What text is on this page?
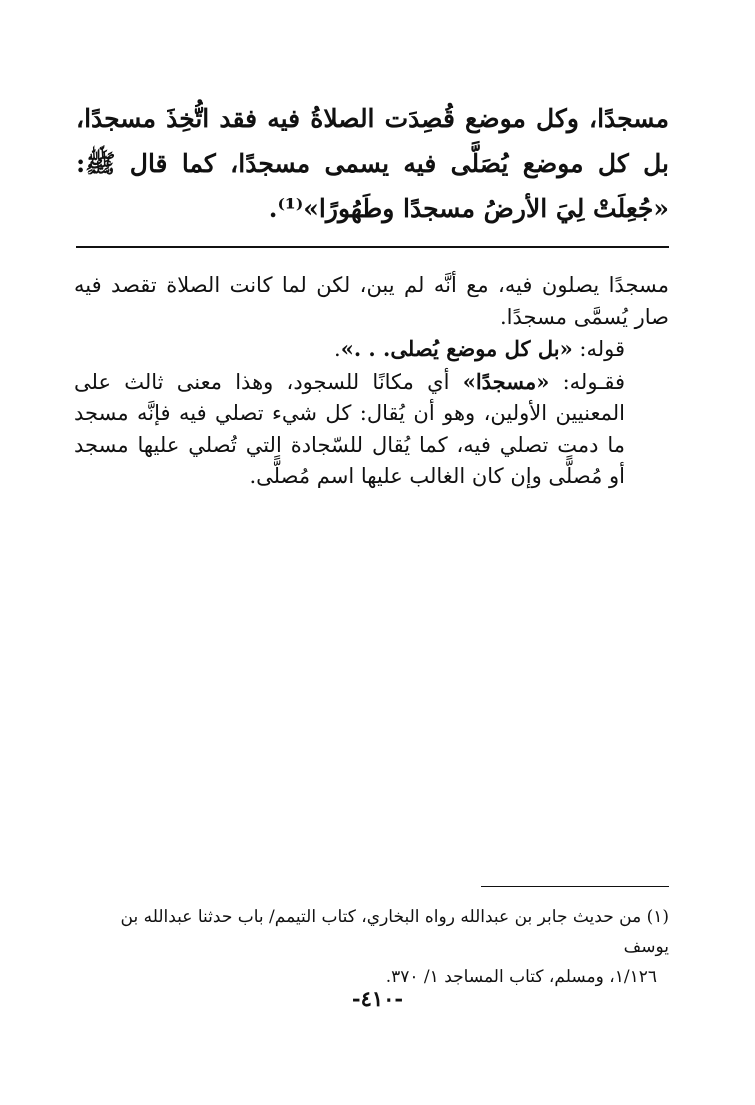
مسجدًا، وكل موضع قُصِدَت الصلاةُ فيه فقد اتُّخِذَ مسجدًا، بل كل موضع يُصَلَّى فيه يسمى مسجدًا، كما قال ﷺ: «جُعِلَتْ لِيَ الأرضُ مسجدًا وطَهُورًا»⁽¹⁾.

مسجدًا يصلون فيه، مع أنَّه لم يبن، لكن لما كانت الصلاة تقصد فيه صار يُسمَّى مسجدًا.

قوله: «بل كل موضع يُصلى. . .».

فقـوله: «مسجدًا» أي مكانًا للسجود، وهذا معنى ثالث على المعنيين الأولين، وهو أن يُقال: كل شيء تصلي فيه فإنَّه مسجد ما دمت تصلي فيه، كما يُقال للسّجادة التي تُصلي عليها مسجد أو مُصلًّى وإن كان الغالب عليها اسم مُصلًّى.

(١) من حديث جابر بن عبدالله رواه البخاري، كتاب التيمم/ باب حدثنا عبدالله بن يوسف

١/١٢٦، ومسلم، كتاب المساجد ١/ ٣٧٠.

-٤١٠-
